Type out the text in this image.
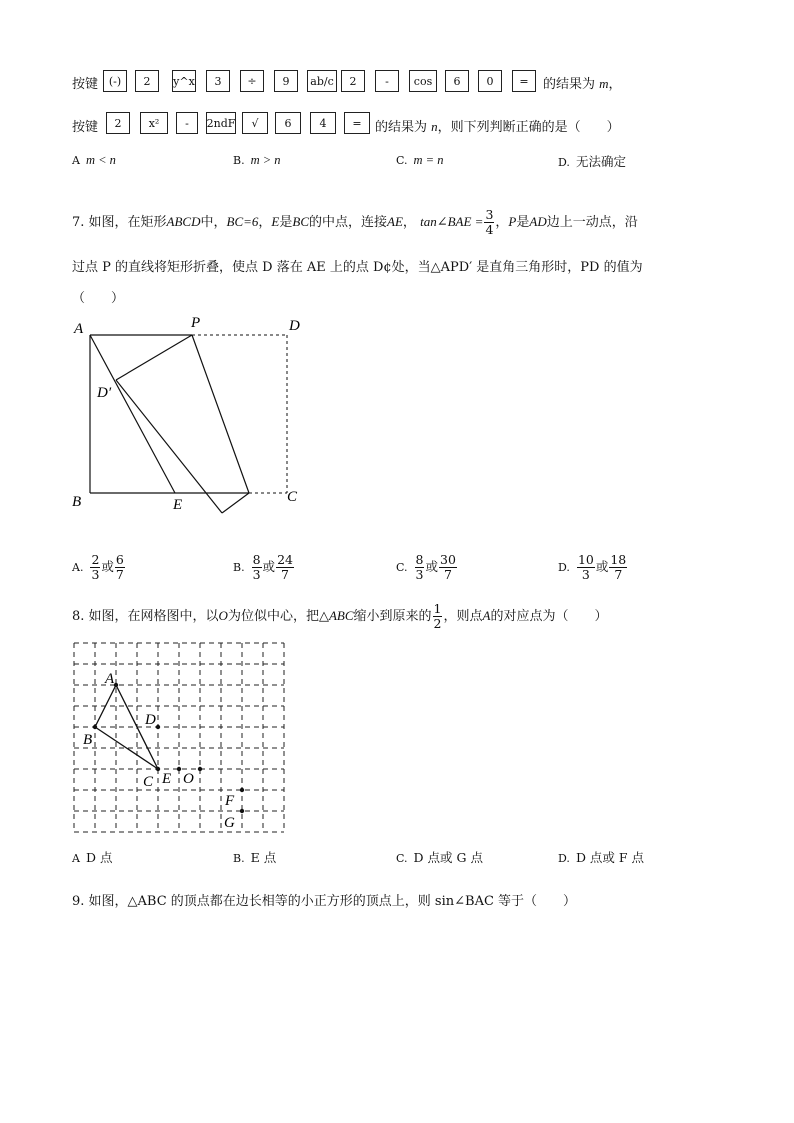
按键 (-)	2	y^x	3	÷	9	ab/c	2	-	cos	6	0	=	的结果为 m，
按键	2	x²	-	2ndF	√	6	4	=	的结果为 n，则下列判断正确的是（　　）
A m < n	B. m > n	C. m = n	D. 无法确定
7. 如图，在矩形ABCD中，BC=6，E是BC的中点，连接AE， tan∠BAE = $\frac{3}{4}$ ，P是AD边上一动点，沿
过点 P 的直线将矩形折叠，使点 D 落在 AE 上的点 D¢处，当△APD′ 是直角三角形时，PD 的值为
（　　）
A	P	D
D′
B	E	C
A. $\frac{2}{3}$ 或 $\frac{6}{7}$	B. $\frac{8}{3}$ 或 $\frac{24}{7}$	C. $\frac{8}{3}$ 或 $\frac{30}{7}$	D. $\frac{10}{3}$ 或 $\frac{18}{7}$
8. 如图，在网格图中，以O为位似中心，把△ABC缩小到原来的 $\frac{1}{2}$ ，则点A的对应点为（　　）
A
B
C
D
E O
F
G
A D 点	B. E 点	C. D 点或 G 点	D. D 点或 F 点
9. 如图，△ABC 的顶点都在边长相等的小正方形的顶点上，则 sin∠BAC 等于（　　）
